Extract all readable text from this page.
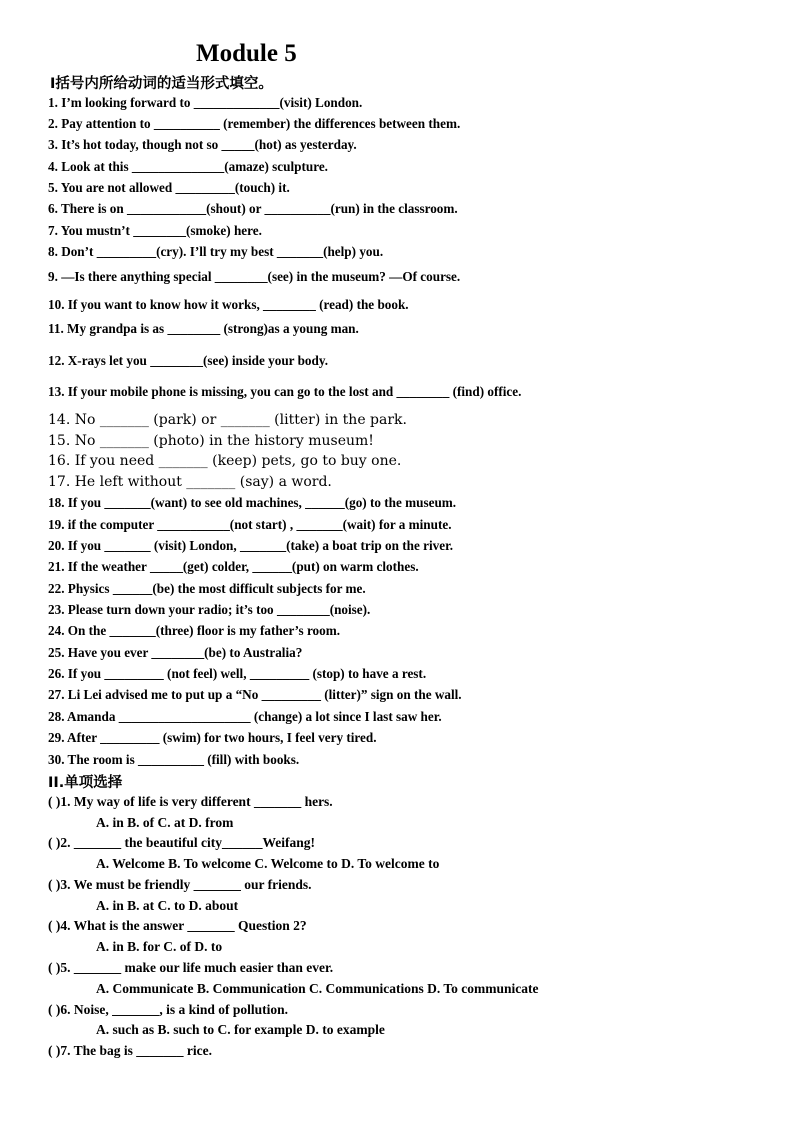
Module 5
Ⅰ括号内所给动词的适当形式填空。
1. I’m looking forward to _____________(visit) London.
2. Pay attention to __________ (remember) the differences between them.
3. It’s hot today, though not so _____(hot) as yesterday.
4. Look at this ______________(amaze) sculpture.
5. You are not allowed _________(touch) it.
6. There is on ____________(shout) or __________(run) in the classroom.
7. You mustn’t ________(smoke) here.
8. Don’t _________(cry). I’ll try my best _______(help) you.
9. —Is there anything special ________(see) in the museum? —Of course.
10. If you want to know how it works, ________ (read) the book.
11. My grandpa is as ________ (strong)as a young man.
12. X-rays let you ________(see) inside your body.
13. If your mobile phone is missing, you can go to the lost and ________ (find) office.
14. No _______ (park) or _______ (litter) in the park.
15. No _______ (photo) in the history museum!
16. If you need _______ (keep) pets, go to buy one.
17. He left without _______ (say) a word.
18. If you _______(want) to see old machines, ______(go) to the museum.
19. if the computer ___________(not start) , _______(wait) for a minute.
20. If you _______ (visit) London, _______(take) a boat trip on the river.
21. If the weather _____(get) colder, ______(put) on warm clothes.
22. Physics ______(be) the most difficult subjects for me.
23. Please turn down your radio; it’s too ________(noise).
24. On the _______(three) floor is my father’s room.
25. Have you ever ________(be) to Australia?
26. If you _________ (not feel) well, _________ (stop) to have a rest.
27. Li Lei advised me to put up a “No _________ (litter)” sign on the wall.
28. Amanda ____________________ (change) a lot since I last saw her.
29. After _________ (swim) for two hours, I feel very tired.
30. The room is __________ (fill) with books.
II.单项选择
( )1. My way of life is very different _______ hers.
A. in B. of C. at D. from
( )2. _______ the beautiful city______Weifang!
A. Welcome B. To welcome C. Welcome to D. To welcome to
( )3. We must be friendly _______ our friends.
A. in B. at C. to D. about
( )4. What is the answer _______ Question 2?
A. in B. for C. of D. to
( )5. _______ make our life much easier than ever.
A. Communicate B. Communication C. Communications D. To communicate
( )6. Noise, _______, is a kind of pollution.
A. such as B. such to C. for example D. to example
( )7. The bag is _______ rice.
